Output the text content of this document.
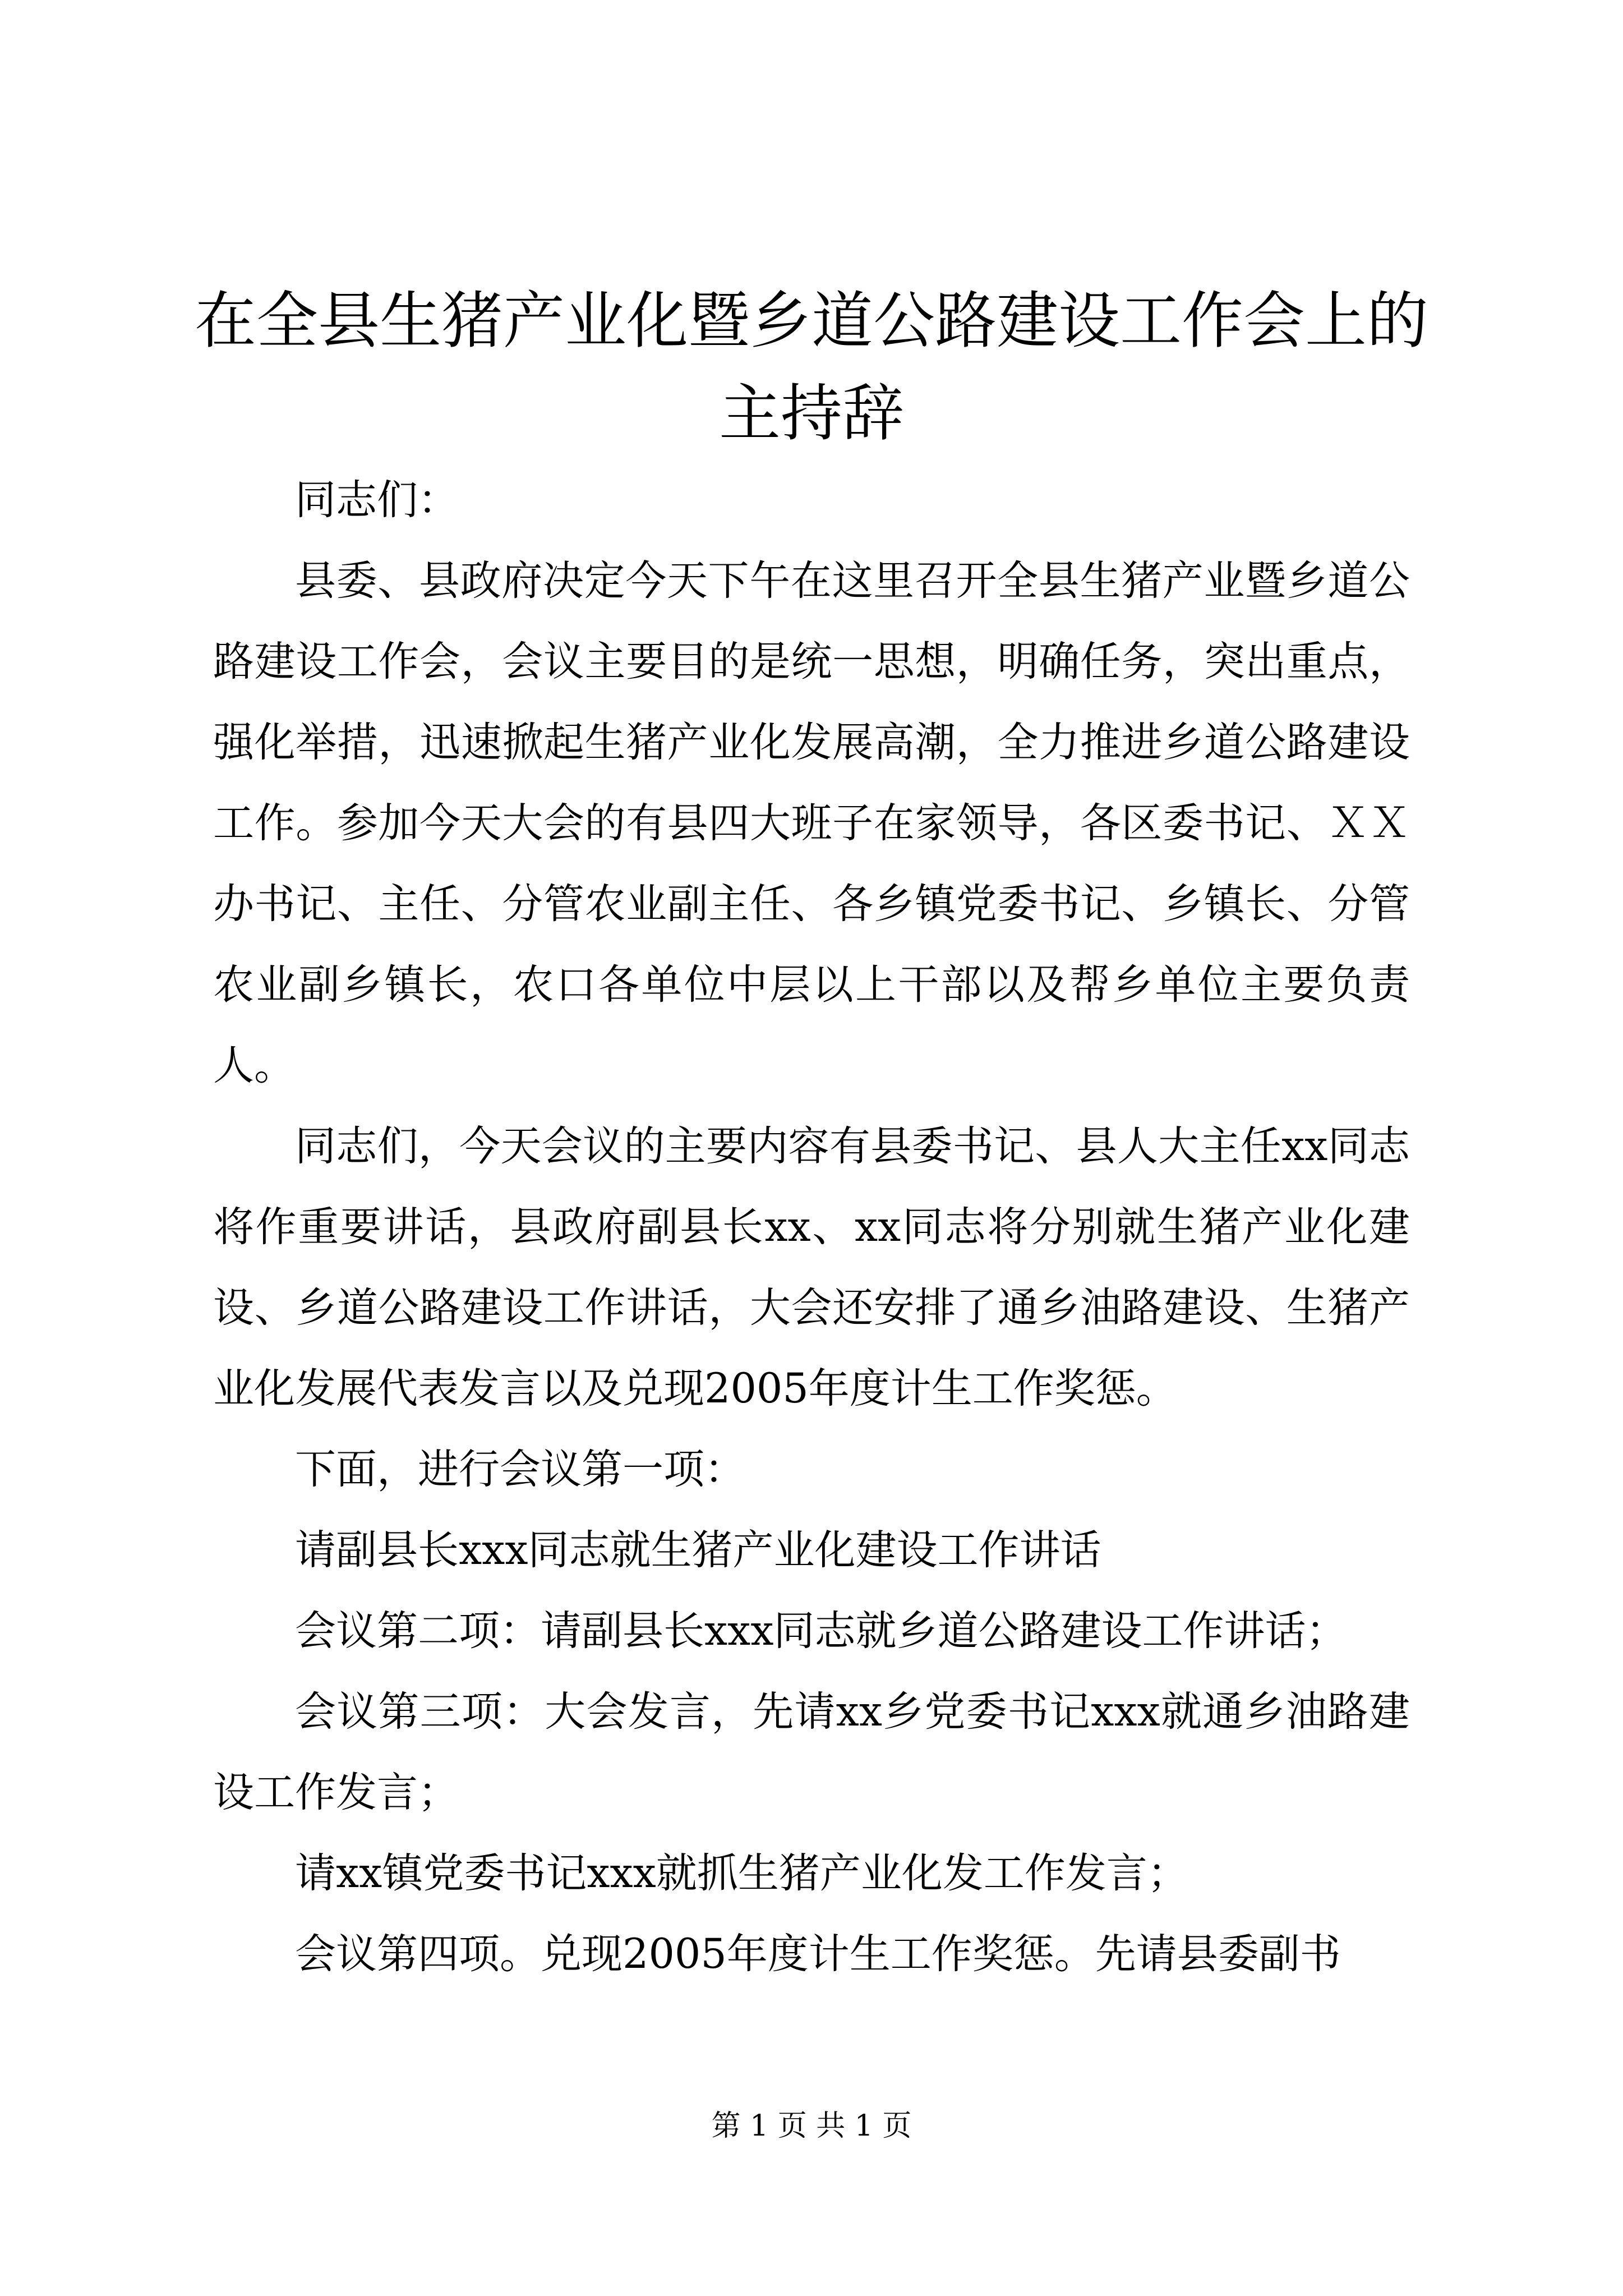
在全县生猪产业化暨乡道公路建设工作会上的主持辞

同志们：

县委、县政府决定今天下午在这里召开全县生猪产业暨乡道公路建设工作会，会议主要目的是统一思想，明确任务，突出重点，强化举措，迅速掀起生猪产业化发展高潮，全力推进乡道公路建设工作。参加今天大会的有县四大班子在家领导，各区委书记、ＸＸ办书记、主任、分管农业副主任、各乡镇党委书记、乡镇长、分管农业副乡镇长，农口各单位中层以上干部以及帮乡单位主要负责人。

同志们，今天会议的主要内容有县委书记、县人大主任xx同志将作重要讲话，县政府副县长xx、xx同志将分别就生猪产业化建设、乡道公路建设工作讲话，大会还安排了通乡油路建设、生猪产业化发展代表发言以及兑现2005年度计生工作奖惩。

下面，进行会议第一项：

请副县长xxx同志就生猪产业化建设工作讲话

会议第二项：请副县长xxx同志就乡道公路建设工作讲话；

会议第三项：大会发言，先请xx乡党委书记xxx就通乡油路建设工作发言；

请xx镇党委书记xxx就抓生猪产业化发工作发言；

会议第四项。兑现2005年度计生工作奖惩。先请县委副书

第 1 页 共 1 页
